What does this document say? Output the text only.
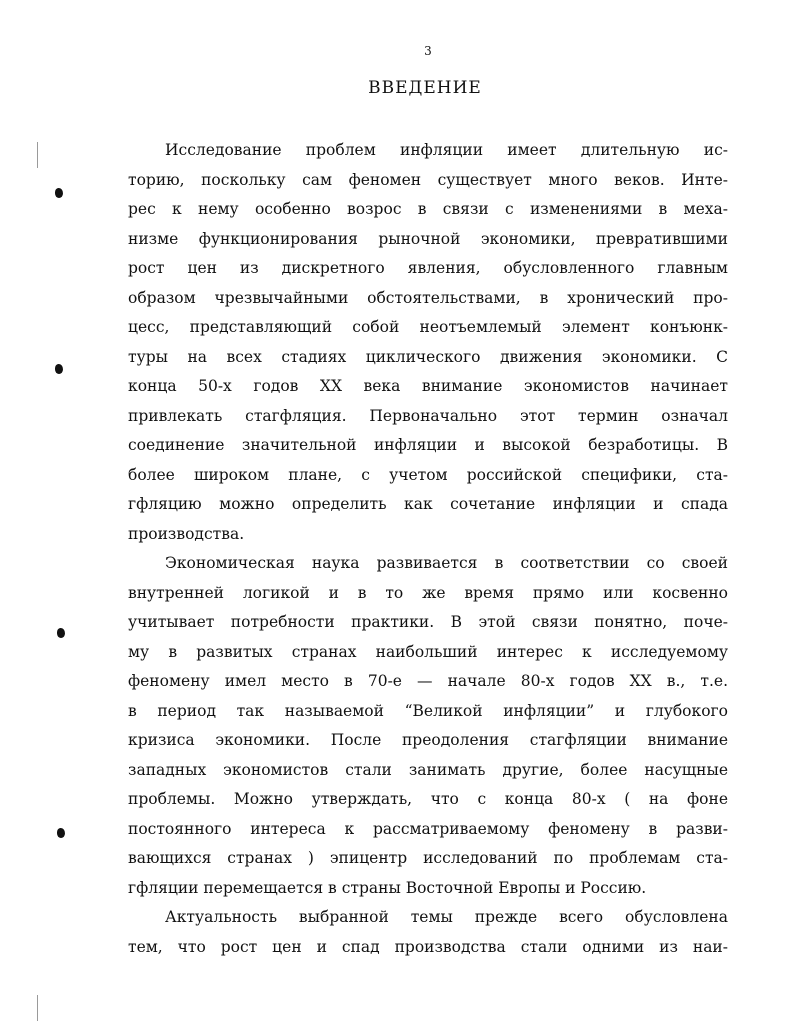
3
ВВЕДЕНИЕ
Исследование проблем инфляции имеет длительную ис-
торию, поскольку сам феномен существует много веков. Инте-
рес к нему особенно возрос в связи с изменениями в меха-
низме функционирования рыночной экономики, превратившими
рост цен из дискретного явления, обусловленного главным
образом чрезвычайными обстоятельствами, в хронический про-
цесс, представляющий собой неотъемлемый элемент конъюнк-
туры на всех стадиях циклического движения экономики. С
конца 50-х годов XX века внимание экономистов начинает
привлекать стагфляция. Первоначально этот термин означал
соединение значительной инфляции и высокой безработицы. В
более широком плане, с учетом российской специфики, ста-
гфляцию можно определить как сочетание инфляции и спада
производства.
Экономическая наука развивается в соответствии со своей
внутренней логикой и в то же время прямо или косвенно
учитывает потребности практики. В этой связи понятно, поче-
му в развитых странах наибольший интерес к исследуемому
феномену имел место в 70-е — начале 80-х годов XX в., т.е.
в период так называемой “Великой инфляции” и глубокого
кризиса экономики. После преодоления стагфляции внимание
западных экономистов стали занимать другие, более насущные
проблемы. Можно утверждать, что с конца 80-х ( на фоне
постоянного интереса к рассматриваемому феномену в разви-
вающихся странах ) эпицентр исследований по проблемам ста-
гфляции перемещается в страны Восточной Европы и Россию.
Актуальность выбранной темы прежде всего обусловлена
тем, что рост цен и спад производства стали одними из наи-
